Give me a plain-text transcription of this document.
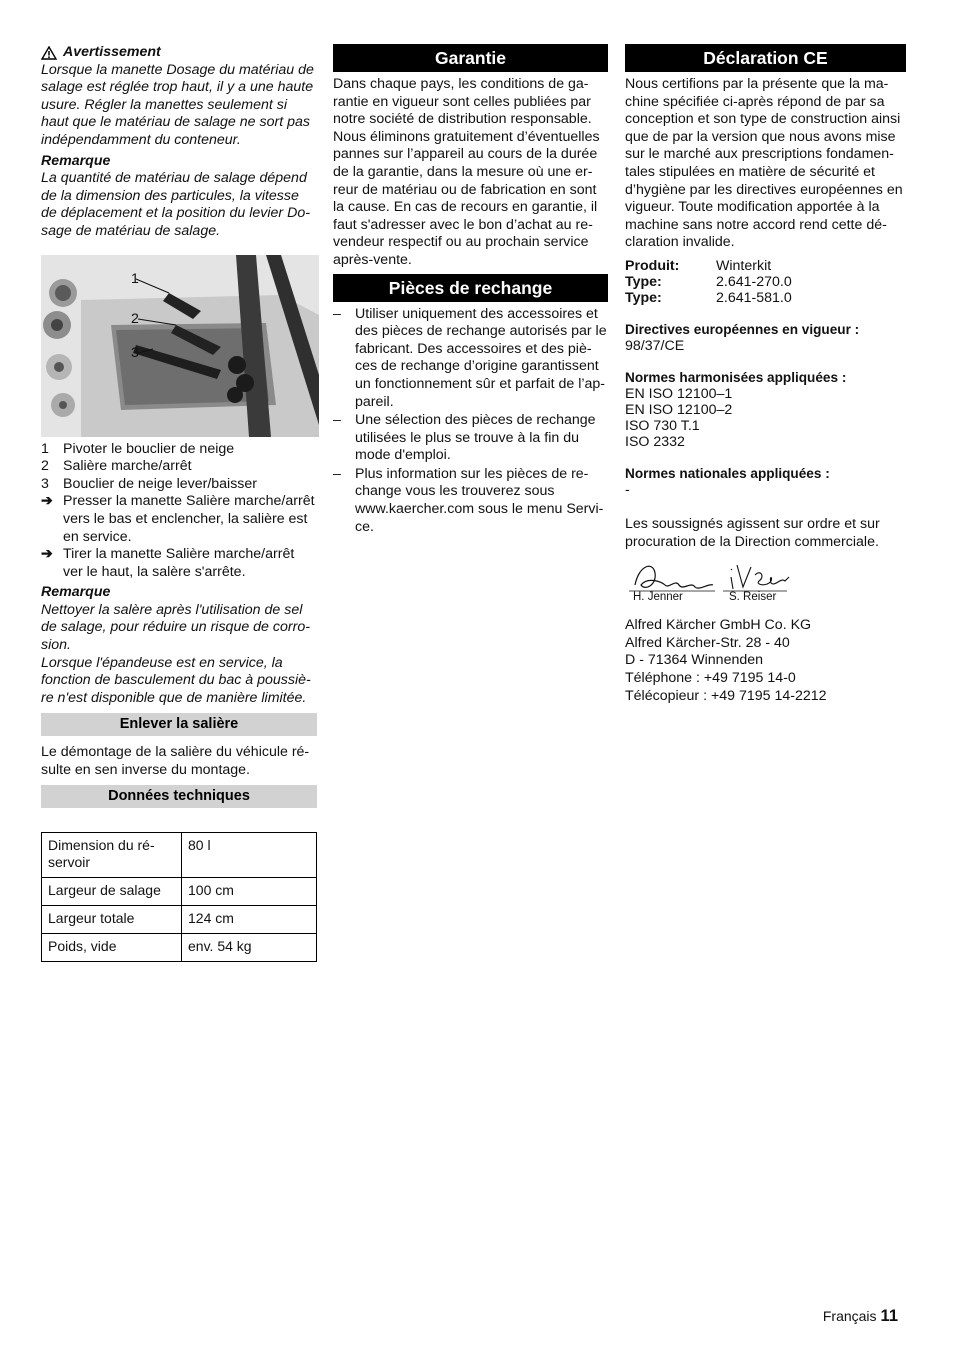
Avertissement

Lorsque la manette Dosage du matériau de salage est réglée trop haut, il y a une haute usure. Régler la manettes seulement si haut que le matériau de salage ne sort pas indépendamment du conteneur.

Remarque

La quantité de matériau de salage dépend de la dimension des particules, la vitesse de déplacement et la position du levier Do-sage de matériau de salage.

1
2
3
1 Pivoter le bouclier de neige
2 Salière marche/arrêt
3 Bouclier de neige lever/baisser
➔ Presser la manette Salière marche/arrêt vers le bas et enclencher, la salière est en service.
➔ Tirer la manette Salière marche/arrêt ver le haut, la salère s'arrête.

Remarque

Nettoyer la salère après l'utilisation de sel de salage, pour réduire un risque de corro-sion.

Lorsque l'épandeuse est en service, la fonction de basculement du bac à poussiè-re n'est disponible que de manière limitée.

Enlever la salière

Le démontage de la salière du véhicule ré-sulte en sen inverse du montage.

Données techniques
Dimension du ré-servoir	80 l
Largeur de salage	100 cm
Largeur totale	124 cm
Poids, vide	env. 54 kg
Garantie

Dans chaque pays, les conditions de ga-rantie en vigueur sont celles publiées par notre société de distribution responsable. Nous éliminons gratuitement d’éventuelles pannes sur l’appareil au cours de la durée de la garantie, dans la mesure où une er-reur de matériau ou de fabrication en sont la cause. En cas de recours en garantie, il faut s'adresser avec le bon d’achat au re-vendeur respectif ou au prochain service après-vente.

Pièces de rechange
– Utiliser uniquement des accessoires et des pièces de rechange autorisés par le fabricant. Des accessoires et des piè-ces de rechange d’origine garantissent un fonctionnement sûr et parfait de l’ap-pareil.
– Une sélection des pièces de rechange utilisées le plus se trouve à la fin du mode d'emploi.
– Plus information sur les pièces de re-change vous les trouverez sous www.kaercher.com sous le menu Servi-ce.
Déclaration CE

Nous certifions par la présente que la ma-chine spécifiée ci-après répond de par sa conception et son type de construction ainsi que de par la version que nous avons mise sur le marché aux prescriptions fondamen-tales stipulées en matière de sécurité et d’hygiène par les directives européennes en vigueur. Toute modification apportée à la machine sans notre accord rend cette dé-claration invalide.

Produit:	Winterkit
Type:	2.641-270.0
Type:	2.641-581.0

Directives européennes en vigueur :

98/37/CE

Normes harmonisées appliquées :

EN ISO 12100–1

EN ISO 12100–2

ISO 730 T.1

ISO 2332

Normes nationales appliquées :

-

Les soussignés agissent sur ordre et sur procuration de la Direction commerciale.

H. Jenner	S. Reiser

Alfred Kärcher GmbH Co. KG

Alfred Kärcher-Str. 28 - 40

D - 71364 Winnenden

Téléphone : +49 7195 14-0

Télécopieur : +49 7195 14-2212

Français 11
